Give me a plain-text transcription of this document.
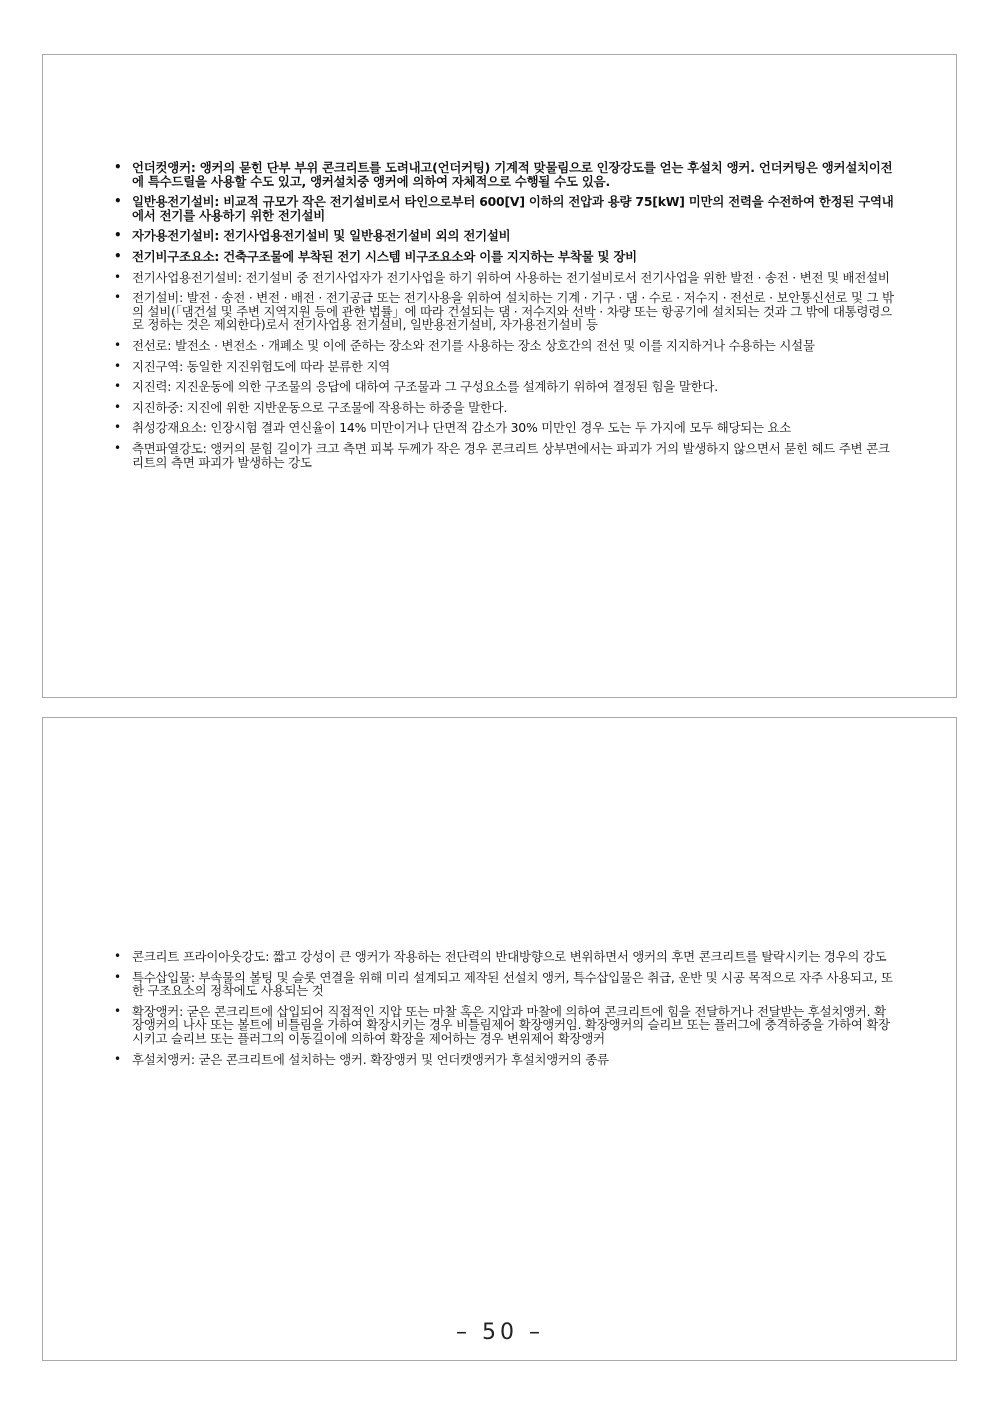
• 언더컷앵커: 앵커의 묻힌 단부 부위 콘크리트를 도려내고(언더커팅) 기계적 맞물림으로 인장강도를 얻는 후설치 앵커. 언더커팅은 앵커설치이전에 특수드릴을 사용할 수도 있고, 앵커설치중 앵커에 의하여 자체적으로 수행될 수도 있음.
• 일반용전기설비: 비교적 규모가 작은 전기설비로서 타인으로부터 600[V] 이하의 전압과 용량 75[kW] 미만의 전력을 수전하여 한정된 구역내에서 전기를 사용하기 위한 전기설비
• 자가용전기설비: 전기사업용전기설비 및 일반용전기설비 외의 전기설비
• 전기비구조요소: 건축구조물에 부착된 전기 시스템 비구조요소와 이를 지지하는 부착물 및 장비
• 전기사업용전기설비: 전기설비 중 전기사업자가 전기사업을 하기 위하여 사용하는 전기설비로서 전기사업을 위한 발전 · 송전 · 변전 및 배전설비
• 전기설비: 발전 · 송전 · 변전 · 배전 · 전기공급 또는 전기사용을 위하여 설치하는 기계 · 기구 · 댐 · 수로 · 저수지 · 전선로 · 보안통신선로 및 그 밖의 설비(「댐건설 및 주변 지역지원 등에 관한 법률」에 따라 건설되는 댐 · 저수지와 선박 · 차량 또는 항공기에 설치되는 것과 그 밖에 대통령령으로 정하는 것은 제외한다)로서 전기사업용 전기설비, 일반용전기설비, 자가용전기설비 등
• 전선로: 발전소 · 변전소 · 개폐소 및 이에 준하는 장소와 전기를 사용하는 장소 상호간의 전선 및 이를 지지하거나 수용하는 시설물
• 지진구역: 동일한 지진위험도에 따라 분류한 지역
• 지진력: 지진운동에 의한 구조물의 응답에 대하여 구조물과 그 구성요소를 설계하기 위하여 결정된 힘을 말한다.
• 지진하중: 지진에 위한 지반운동으로 구조물에 작용하는 하중을 말한다.
• 취성강재요소: 인장시험 결과 연신율이 14% 미만이거나 단면적 감소가 30% 미만인 경우 도는 두 가지에 모두 해당되는 요소
• 측면파열강도: 앵커의 묻힘 길이가 크고 측면 피복 두께가 작은 경우 콘크리트 상부면에서는 파괴가 거의 발생하지 않으면서 묻힌 헤드 주변 콘크리트의 측면 파괴가 발생하는 강도
• 콘크리트 프라이아웃강도: 짧고 강성이 큰 앵커가 작용하는 전단력의 반대방향으로 변위하면서 앵커의 후면 콘크리트를 탈락시키는 경우의 강도
• 특수삽입물: 부속물의 볼팅 및 슬롯 연결을 위해 미리 설계되고 제작된 선설치 앵커, 특수삽입물은 취급, 운반 및 시공 목적으로 자주 사용되고, 또한 구조요소의 정착에도 사용되는 것
• 확장앵커: 굳은 콘크리트에 삽입되어 직접적인 지압 또는 마찰 혹은 지압과 마찰에 의하여 콘크리트에 힘을 전달하거나 전달받는 후설치앵커. 확장앵커의 나사 또는 볼트에 비틀림을 가하여 확장시키는 경우 비틀림제어 확장앵커임. 확장앵커의 슬리브 또는 플러그에 충격하중을 가하여 확장시키고 슬리브 또는 플러그의 이동길이에 의하여 확장을 제어하는 경우 변위제어 확장앵커
• 후설치앵커: 굳은 콘크리트에 설치하는 앵커. 확장앵커 및 언더캣앵커가 후설치앵커의 종류
– 50 –
